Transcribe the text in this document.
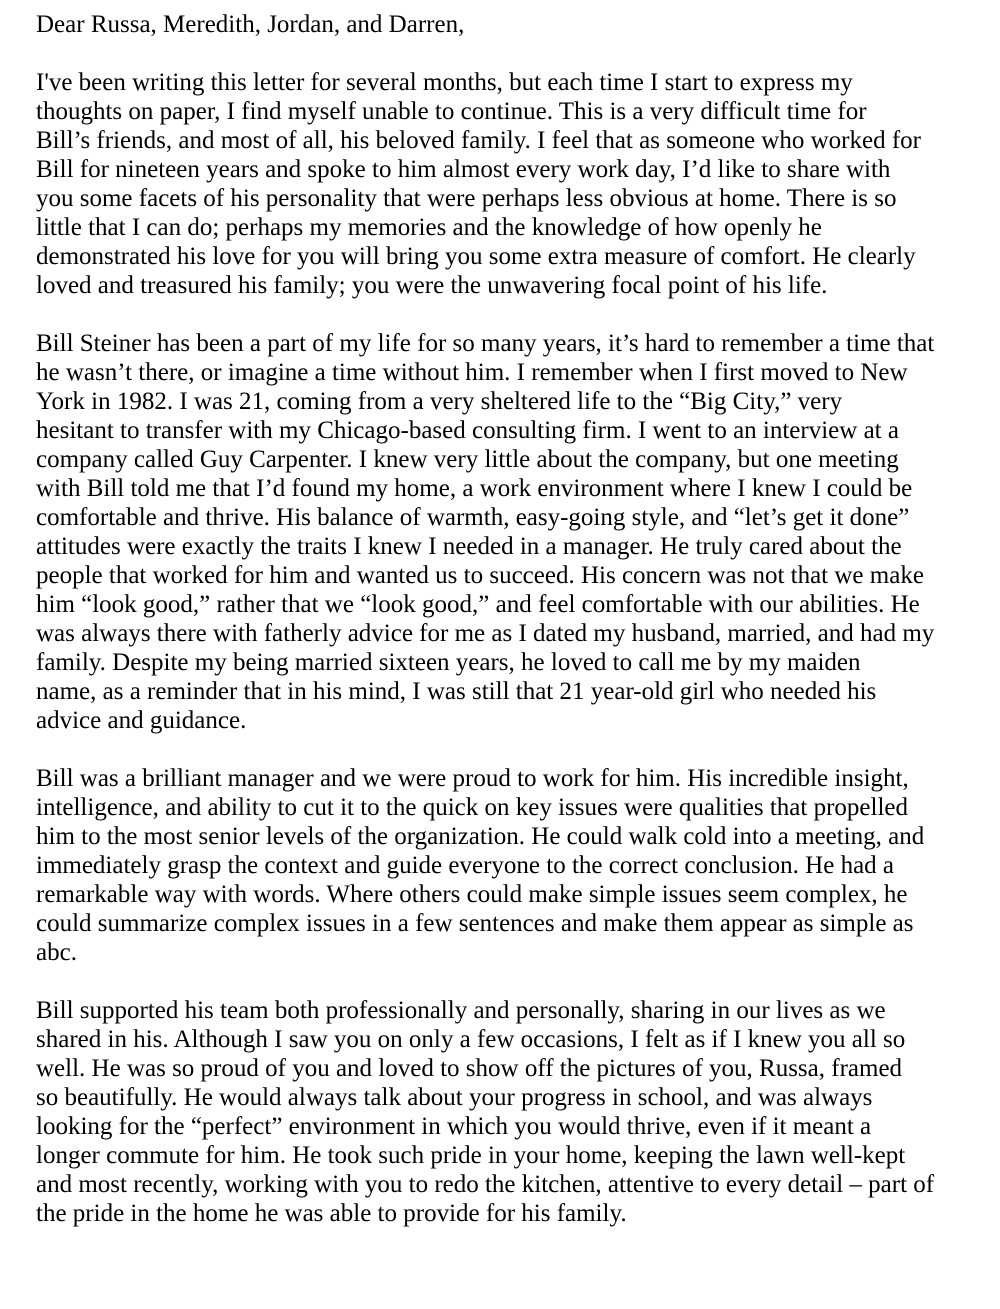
Dear Russa, Meredith, Jordan, and Darren,
I've been writing this letter for several months, but each time I start to express my
thoughts on paper, I find myself unable to continue. This is a very difficult time for
Bill’s friends, and most of all, his beloved family. I feel that as someone who worked for
Bill for nineteen years and spoke to him almost every work day, I’d like to share with
you some facets of his personality that were perhaps less obvious at home. There is so
little that I can do; perhaps my memories and the knowledge of how openly he
demonstrated his love for you will bring you some extra measure of comfort. He clearly
loved and treasured his family; you were the unwavering focal point of his life.
Bill Steiner has been a part of my life for so many years, it’s hard to remember a time that
he wasn’t there, or imagine a time without him. I remember when I first moved to New
York in 1982. I was 21, coming from a very sheltered life to the “Big City,” very
hesitant to transfer with my Chicago-based consulting firm. I went to an interview at a
company called Guy Carpenter. I knew very little about the company, but one meeting
with Bill told me that I’d found my home, a work environment where I knew I could be
comfortable and thrive. His balance of warmth, easy-going style, and “let’s get it done”
attitudes were exactly the traits I knew I needed in a manager. He truly cared about the
people that worked for him and wanted us to succeed. His concern was not that we make
him “look good,” rather that we “look good,” and feel comfortable with our abilities. He
was always there with fatherly advice for me as I dated my husband, married, and had my
family. Despite my being married sixteen years, he loved to call me by my maiden
name, as a reminder that in his mind, I was still that 21 year-old girl who needed his
advice and guidance.
Bill was a brilliant manager and we were proud to work for him. His incredible insight,
intelligence, and ability to cut it to the quick on key issues were qualities that propelled
him to the most senior levels of the organization. He could walk cold into a meeting, and
immediately grasp the context and guide everyone to the correct conclusion. He had a
remarkable way with words. Where others could make simple issues seem complex, he
could summarize complex issues in a few sentences and make them appear as simple as
abc.
Bill supported his team both professionally and personally, sharing in our lives as we
shared in his. Although I saw you on only a few occasions, I felt as if I knew you all so
well. He was so proud of you and loved to show off the pictures of you, Russa, framed
so beautifully. He would always talk about your progress in school, and was always
looking for the “perfect” environment in which you would thrive, even if it meant a
longer commute for him. He took such pride in your home, keeping the lawn well-kept
and most recently, working with you to redo the kitchen, attentive to every detail – part of
the pride in the home he was able to provide for his family.
